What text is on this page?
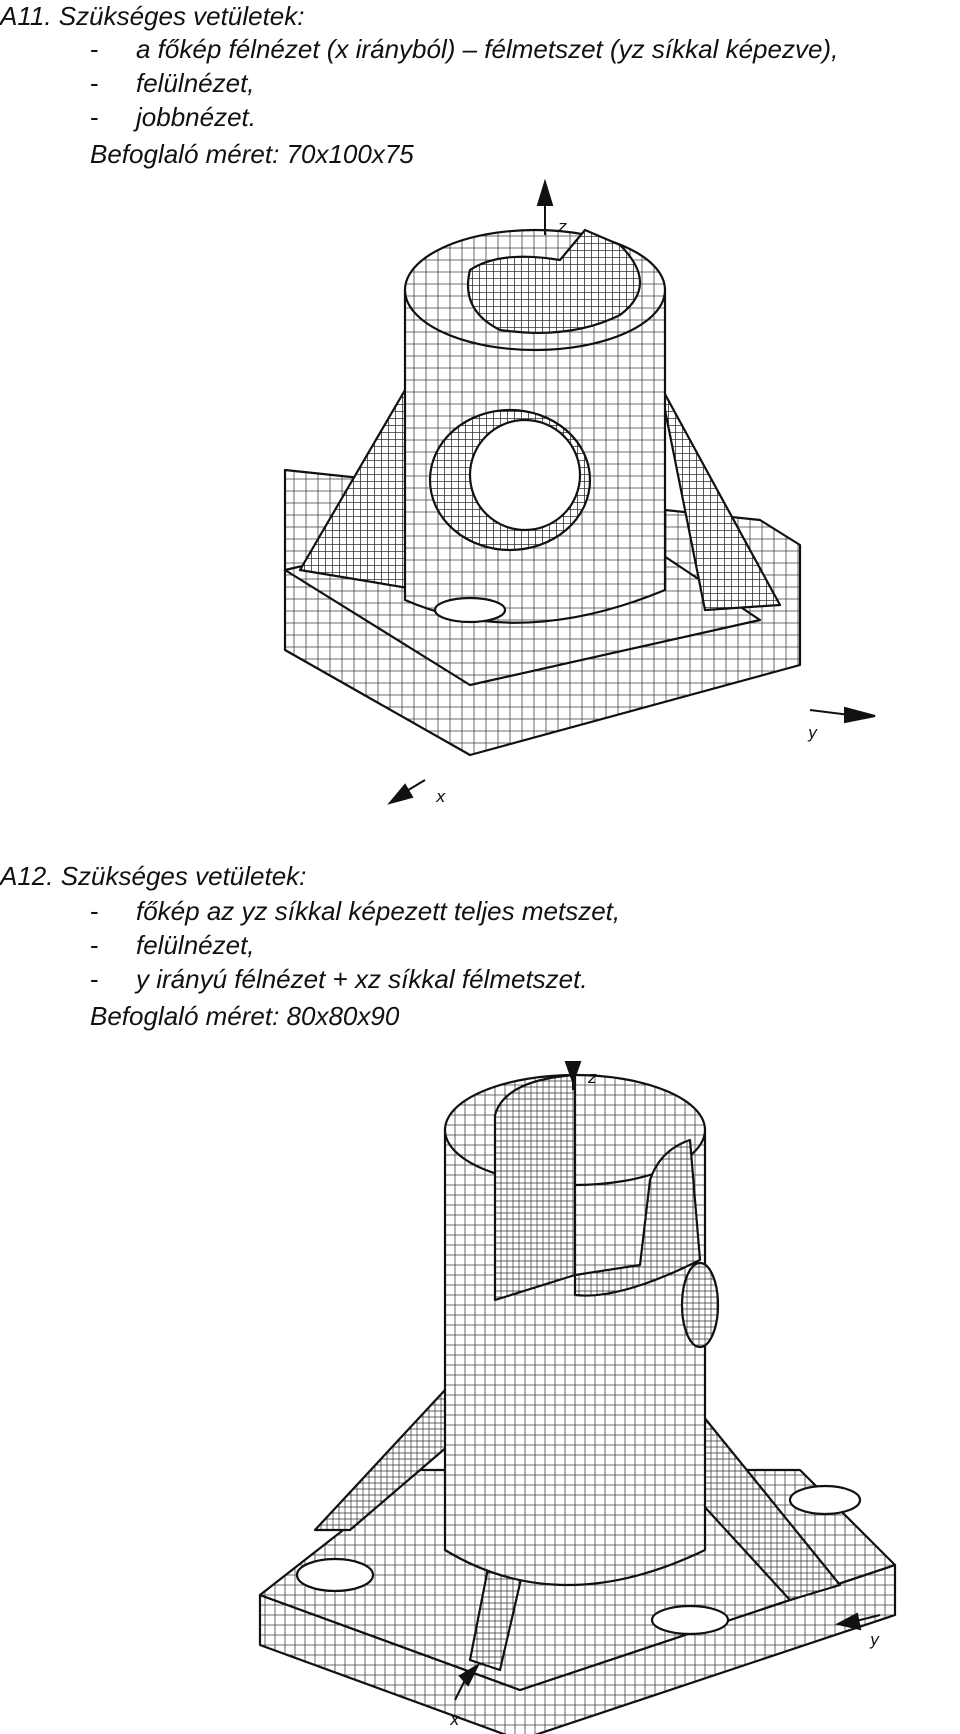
A11. Szükséges vetületek:
- a főkép félnézet (x irányból) – félmetszet (yz síkkal képezve),
- felülnézet,
- jobbnézet.

Befoglaló méret: 70x100x75

z
y
x
A12. Szükséges vetületek:
- főkép az yz síkkal képezett teljes metszet,
- felülnézet,
- y irányú félnézet + xz síkkal félmetszet.

Befoglaló méret: 80x80x90

z
y
x
